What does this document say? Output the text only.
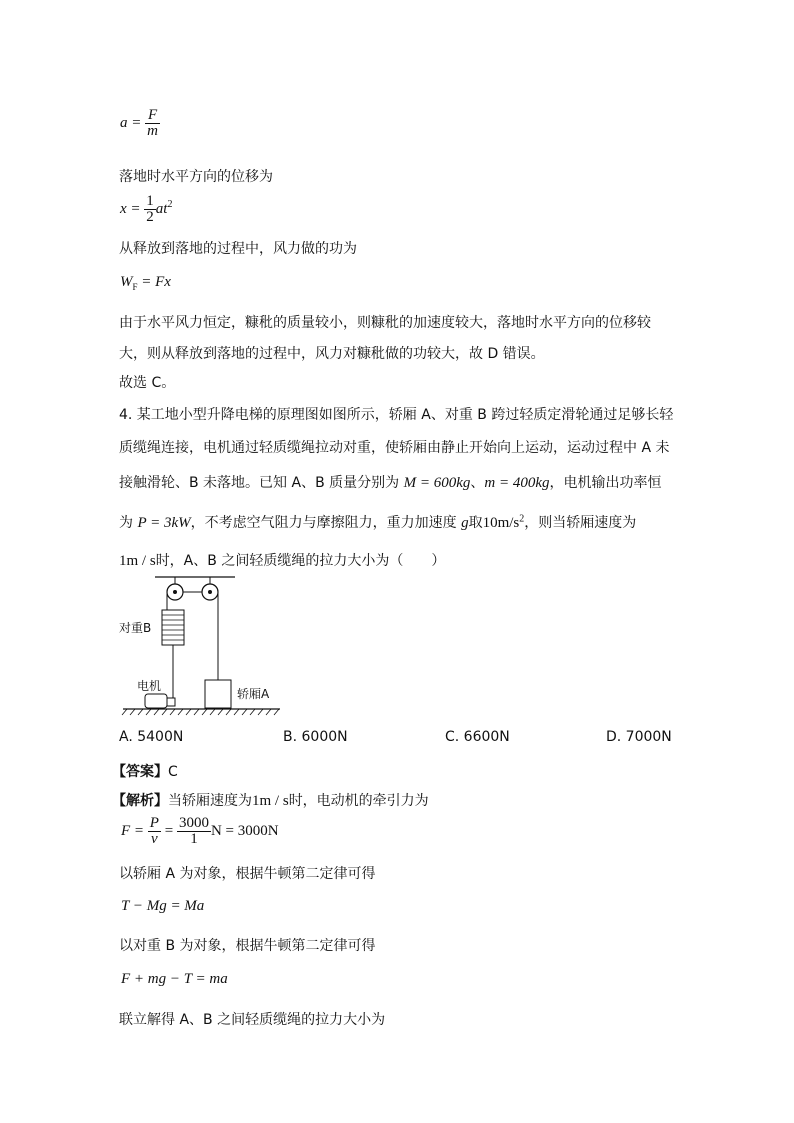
$a = \frac{F}{m}$
落地时水平方向的位移为
$x = \frac{1}{2} at^2$
从释放到落地的过程中，风力做的功为
$W_F = Fx$
由于水平风力恒定，糠秕的质量较小，则糠秕的加速度较大，落地时水平方向的位移较
大，则从释放到落地的过程中，风力对糠秕做的功较大，故 D 错误。
故选 C。
4. 某工地小型升降电梯的原理图如图所示，轿厢 A、对重 B 跨过轻质定滑轮通过足够长轻
质缆绳连接，电机通过轻质缆绳拉动对重，使轿厢由静止开始向上运动，运动过程中 A 未
接触滑轮、B 未落地。已知 A、B 质量分别为 M = 600kg、m = 400kg，电机输出功率恒
为 P = 3kW，不考虑空气阻力与摩擦阻力，重力加速度 g取$10m/s^2$，则当轿厢速度为
1m / s时，A、B 之间轻质缆绳的拉力大小为（　　）
对重B
电机
轿厢A
A. 5400N	B. 6000N	C. 6600N	D. 7000N
【答案】C
【解析】当轿厢速度为1m / s时，电动机的牵引力为
$F = \frac{P}{v} = \frac{3000}{1}$ N = 3000N
以轿厢 A 为对象，根据牛顿第二定律可得
T − Mg = Ma
以对重 B 为对象，根据牛顿第二定律可得
F + mg − T = ma
联立解得 A、B 之间轻质缆绳的拉力大小为
